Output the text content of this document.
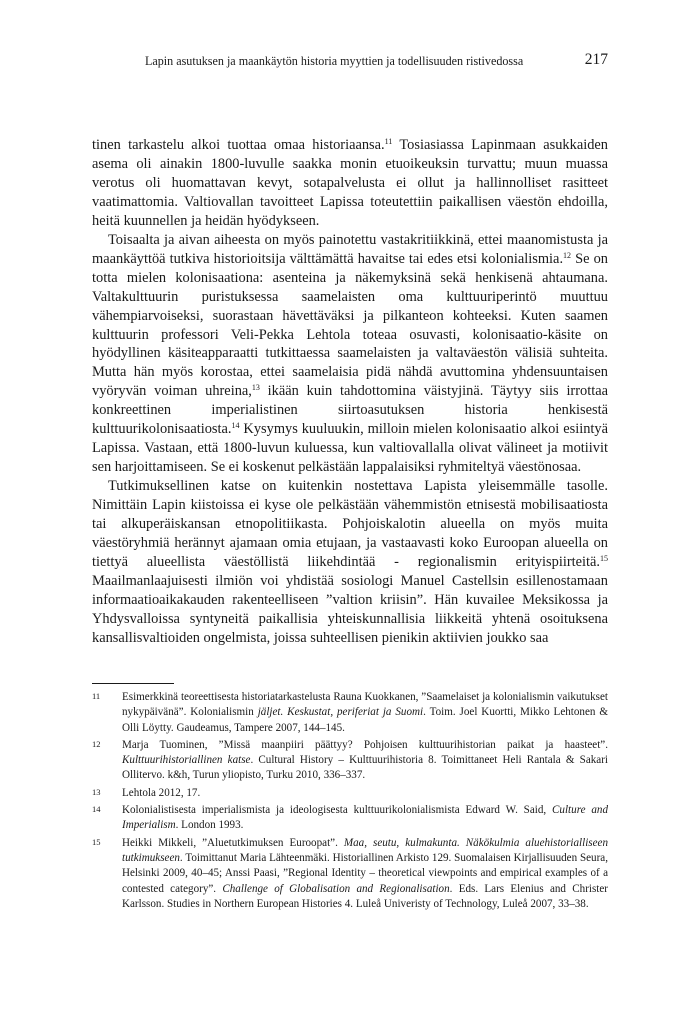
Lapin asutuksen ja maankäytön historia myyttien ja todellisuuden ristivedossa	217

tinen tarkastelu alkoi tuottaa omaa historiaansa.$^{11}$ Tosiasiassa Lapinmaan asukkaiden asema oli ainakin 1800-luvulle saakka monin etuoikeuksin turvattu; muun muassa verotus oli huomattavan kevyt, sotapalvelusta ei ollut ja hallinnolliset rasitteet vaatimattomia. Valtiovallan tavoitteet Lapissa toteutettiin paikallisen väestön ehdoilla, heitä kuunnellen ja heidän hyödykseen.

Toisaalta ja aivan aiheesta on myös painotettu vastakritiikkinä, ettei maanomistusta ja maankäyttöä tutkiva historioitsija välttämättä havaitse tai edes etsi kolonialismia.$^{12}$ Se on totta mielen kolonisaationa: asenteina ja näkemyksinä sekä henkisenä ahtaumana. Valtakulttuurin puristuksessa saamelaisten oma kulttuuriperintö muuttuu vähempiarvoiseksi, suorastaan hävettäväksi ja pilkanteon kohteeksi. Kuten saamen kulttuurin professori Veli-Pekka Lehtola toteaa osuvasti, kolonisaatio-käsite on hyödyllinen käsiteapparaatti tutkittaessa saamelaisten ja valtaväestön välisiä suhteita. Mutta hän myös korostaa, ettei saamelaisia pidä nähdä avuttomina yhdensuuntaisen vyöryvän voiman uhreina,$^{13}$ ikään kuin tahdottomina väistyjinä. Täytyy siis irrottaa konkreettinen imperialistinen siirtoasutuksen historia henkisestä kulttuurikolonisaatiosta.$^{14}$ Kysymys kuuluukin, milloin mielen kolonisaatio alkoi esiintyä Lapissa. Vastaan, että 1800-luvun kuluessa, kun valtiovallalla olivat välineet ja motiivit sen harjoittamiseen. Se ei koskenut pelkästään lappalaisiksi ryhmiteltyä väestönosaa.

Tutkimuksellinen katse on kuitenkin nostettava Lapista yleisemmälle tasolle. Nimittäin Lapin kiistoissa ei kyse ole pelkästään vähemmistön etnisestä mobilisaatiosta tai alkuperäiskansan etnopolitiikasta. Pohjoiskalotin alueella on myös muita väestöryhmiä herännyt ajamaan omia etujaan, ja vastaavasti koko Euroopan alueella on tiettyä alueellista väestöllistä liikehdintää - regionalismin erityispiirteitä.$^{15}$ Maailmanlaajuisesti ilmiön voi yhdistää sosiologi Manuel Castellsin esillenostamaan informaatioaikakauden rakenteelliseen ”valtion kriisin”. Hän kuvailee Meksikossa ja Yhdysvalloissa syntyneitä paikallisia yhteiskunnallisia liikkeitä yhtenä osoituksena kansallisvaltioiden ongelmista, joissa suhteellisen pienikin aktiivien joukko saa

11 Esimerkkinä teoreettisesta historiatarkastelusta Rauna Kuokkanen, ”Saamelaiset ja kolonialismin vaikutukset nykypäivänä”. Kolonialismin jäljet. Keskustat, periferiat ja Suomi. Toim. Joel Kuortti, Mikko Lehtonen & Olli Löytty. Gaudeamus, Tampere 2007, 144–145.
12 Marja Tuominen, ”Missä maanpiiri päättyy? Pohjoisen kulttuurihistorian paikat ja haasteet”. Kulttuurihistoriallinen katse. Cultural History – Kulttuurihistoria 8. Toimittaneet Heli Rantala & Sakari Ollitervo. k&h, Turun yliopisto, Turku 2010, 336–337.
13 Lehtola 2012, 17.
14 Kolonialistisesta imperialismista ja ideologisesta kulttuurikolonialismista Edward W. Said, Culture and Imperialism. London 1993.
15 Heikki Mikkeli, ”Aluetutkimuksen Euroopat”. Maa, seutu, kulmakunta. Näkökulmia aluehistorialliseen tutkimukseen. Toimittanut Maria Lähteenmäki. Historiallinen Arkisto 129. Suomalaisen Kirjallisuuden Seura, Helsinki 2009, 40–45; Anssi Paasi, ”Regional Identity – theoretical viewpoints and empirical examples of a contested category”. Challenge of Globalisation and Regionalisation. Eds. Lars Elenius and Christer Karlsson. Studies in Northern European Histories 4. Luleå Univeristy of Technology, Luleå 2007, 33–38.
